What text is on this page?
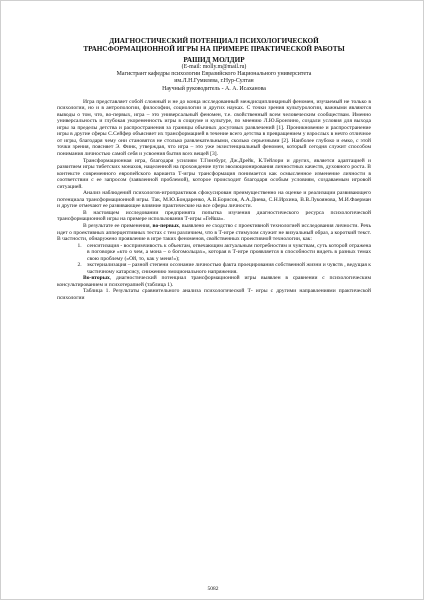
ДИАГНОСТИЧЕСКИЙ ПОТЕНЦИАЛ ПСИХОЛОГИЧЕСКОЙ
ТРАНСФОРМАЦИОННОЙ ИГРЫ НА ПРИМЕРЕ ПРАКТИЧЕСКОЙ РАБОТЫ
РАШИД МОЛДИР
(E-mail: molly.m@mail.ru)
Магистрант кафедры психологии Евразийского Национального университета
им.Л.Н.Гумилева, г.Нур-Султан
Научный руководитель - А. А. Исаханова

Игра представляет собой сложный и не до конца исследованный междисциплинарный феномен, изучаемый не только в психологии, но и в антропологии, философии, социологии и других науках. С точки зрения культурологии, важными являются выводы о том, что, во-первых, игра – это универсальный феномен, т.е. свойственный всем человеческим сообществам. Именно универсальность и глубокая укорененность игры в социуме и культуре, по мнению Л.Ю.Бронзино, создали условия для выхода игры за пределы детства и распространения за границы обычных досуговых развлечений [1]. Проникновение и распространение игры в другие сферы С.Сейфер объясняет их трансформацией в течение всего детства в превращением у взрослых в нечто отличное от игры, благодаря чему они становятся не столько развлекательными, сколько серьезными [2]. Наиболее глубоко и емко, с этой точки зрения, поясняет Э. Финк, утверждая, что игра – это уже экзистенциальный феномен, который сегодня служит способом понимания личностью самой себя и усвоения бытия всех вещей [3].

Трансформационная игра, благодаря усилиям Т.Гинзбург, Дж.Дрейк, К.Тейлори и других, является адаптацией и развитием игры тибетских монахов, нацеленной на прохождение пути эволюционирования личностных качеств, духовного роста. В контексте современного европейского варианта Т-игры трансформация понимается как осмысленное изменение личности в соответствии с ее запросом (заявленной проблемой), которое происходит благодаря особым условиям, создаваемым игровой ситуацией.

Анализ наблюдений психологов-игропрактиков сфокусирован преимущественно на оценке и реализации развивающего потенциала трансформационной игры. Так, М.Ю.Бондаренко, А.В.Борисов, А.А.Диева, С.Н.Ирхина, В.В.Лукоянова, М.И.Фаерман и другие отмечают ее развивающее влияние практические на все сферы личности.

В настоящем исследовании предпринята попытка изучения диагностического ресурса психологической трансформационной игры на примере использования Т-игры «Гейша».

В результате ее применения, во-первых, выявлено ее сходство с проективной технологией исследования личности. Речь идет о проективных апперцептивных тестах с тем различием, что в Т-игре стимулом служит не визуальный образ, а короткий текст. В частности, обнаружено проявление в игре таких феноменов, свойственных проективной технологии, как:

1. сенситизация - воспримчивость к объектам, отвечающим актуальным потребностям и чувствам, суть которой отражена в поговорке «кто о чем, а мона – о богомольцах», которая в Т-игре проявляется в способности видеть в разных темах свою проблему («Ой, то, как у меня!»);
2. экстериализация – разной степени осознание личностью факта проецирования собственной жизни и чувств , ведущая к частичному катарсису, снижению эмоционального напряжения.

Во-вторых, диагностический потенциал трансформационной игры выявлен в сравнении с психологическим консультированием и психотерапией (таблица 1).

Таблица 1. Результаты сравнительного анализа психологической Т- игры с другими направлениями практической психологии

5082
